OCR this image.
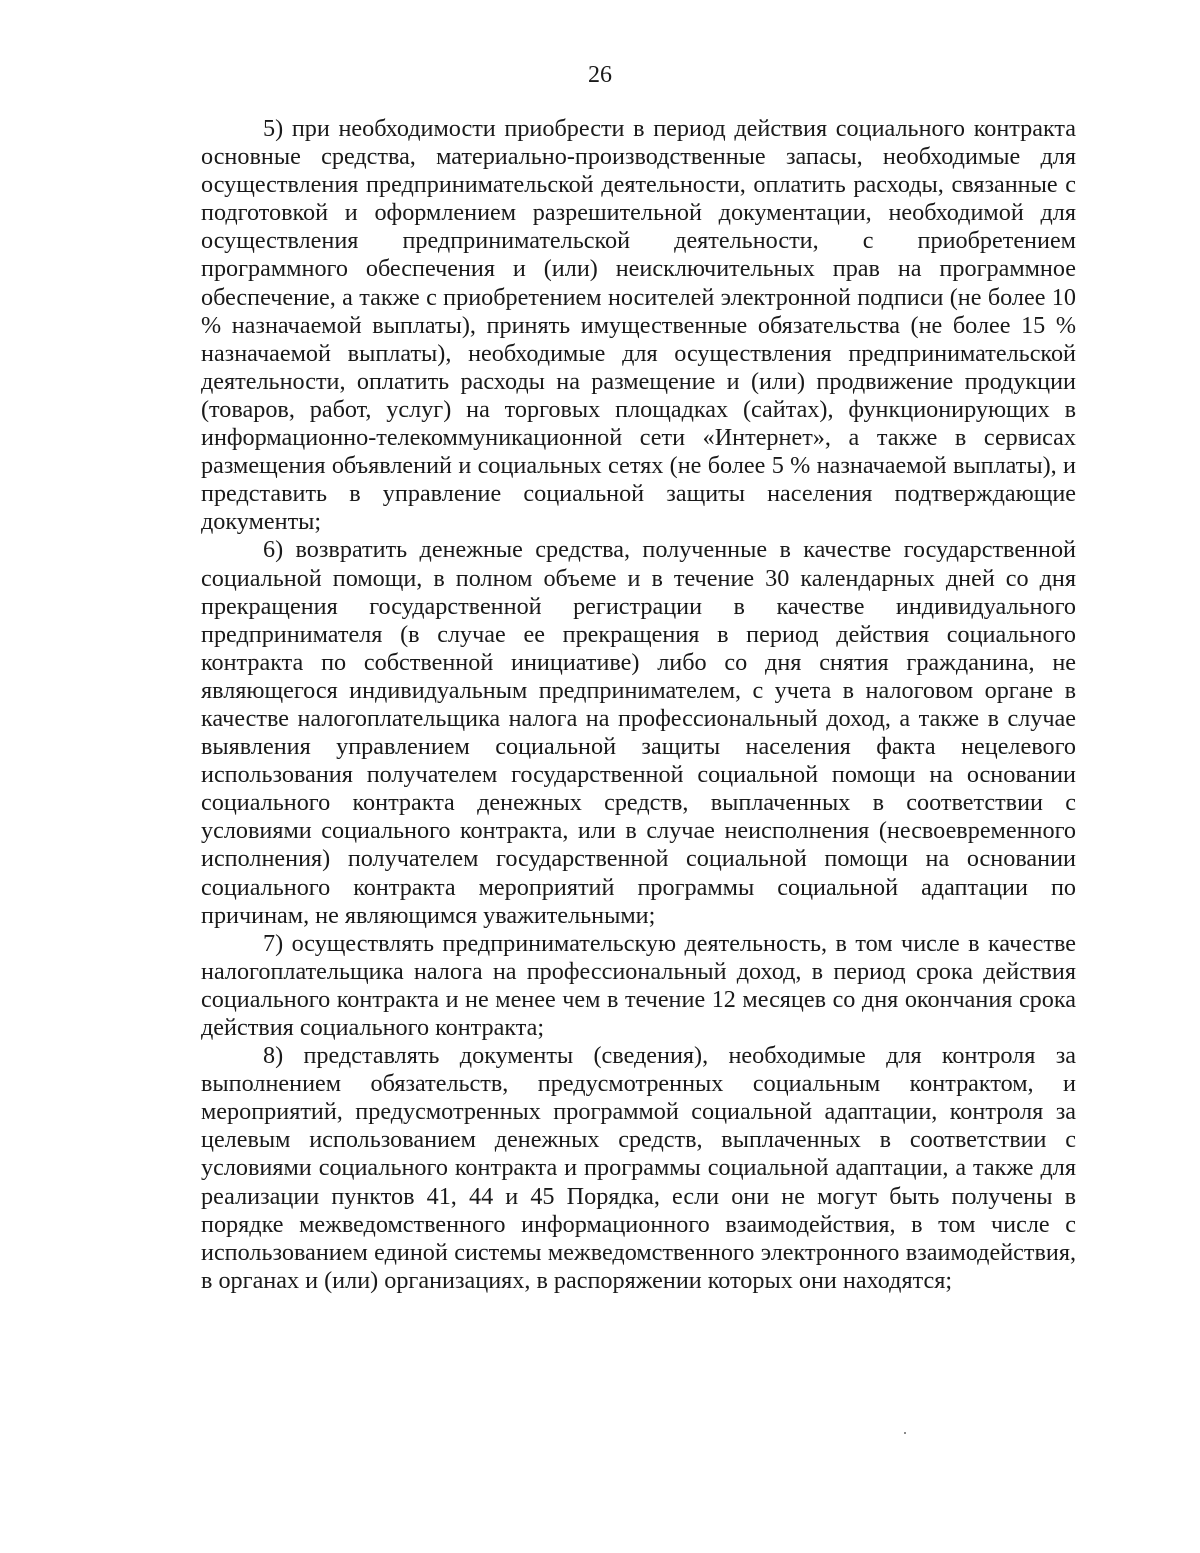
26

5) при необходимости приобрести в период действия социального контракта основные средства, материально-производственные запасы, необходимые для осуществления предпринимательской деятельности, оплатить расходы, связанные с подготовкой и оформлением разрешительной документации, необходимой для осуществления предпринимательской деятельности, с приобретением программного обеспечения и (или) неисключительных прав на программное обеспечение, а также с приобретением носителей электронной подписи (не более 10 % назначаемой выплаты), принять имущественные обязательства (не более 15 % назначаемой выплаты), необходимые для осуществления предпринимательской деятельности, оплатить расходы на размещение и (или) продвижение продукции (товаров, работ, услуг) на торговых площадках (сайтах), функционирующих в информационно-телекоммуникационной сети «Интернет», а также в сервисах размещения объявлений и социальных сетях (не более 5 % назначаемой выплаты), и представить в управление социальной защиты населения подтверждающие документы;

6) возвратить денежные средства, полученные в качестве государственной социальной помощи, в полном объеме и в течение 30 календарных дней со дня прекращения государственной регистрации в качестве индивидуального предпринимателя (в случае ее прекращения в период действия социального контракта по собственной инициативе) либо со дня снятия гражданина, не являющегося индивидуальным предпринимателем, с учета в налоговом органе в качестве налогоплательщика налога на профессиональный доход, а также в случае выявления управлением социальной защиты населения факта нецелевого использования получателем государственной социальной помощи на основании социального контракта денежных средств, выплаченных в соответствии с условиями социального контракта, или в случае неисполнения (несвоевременного исполнения) получателем государственной социальной помощи на основании социального контракта мероприятий программы социальной адаптации по причинам, не являющимся уважительными;

7) осуществлять предпринимательскую деятельность, в том числе в качестве налогоплательщика налога на профессиональный доход, в период срока действия социального контракта и не менее чем в течение 12 месяцев со дня окончания срока действия социального контракта;

8) представлять документы (сведения), необходимые для контроля за выполнением обязательств, предусмотренных социальным контрактом, и мероприятий, предусмотренных программой социальной адаптации, контроля за целевым использованием денежных средств, выплаченных в соответствии с условиями социального контракта и программы социальной адаптации, а также для реализации пунктов 41, 44 и 45 Порядка, если они не могут быть получены в порядке межведомственного информационного взаимодействия, в том числе с использованием единой системы межведомственного электронного взаимодействия, в органах и (или) организациях, в распоряжении которых они находятся;
